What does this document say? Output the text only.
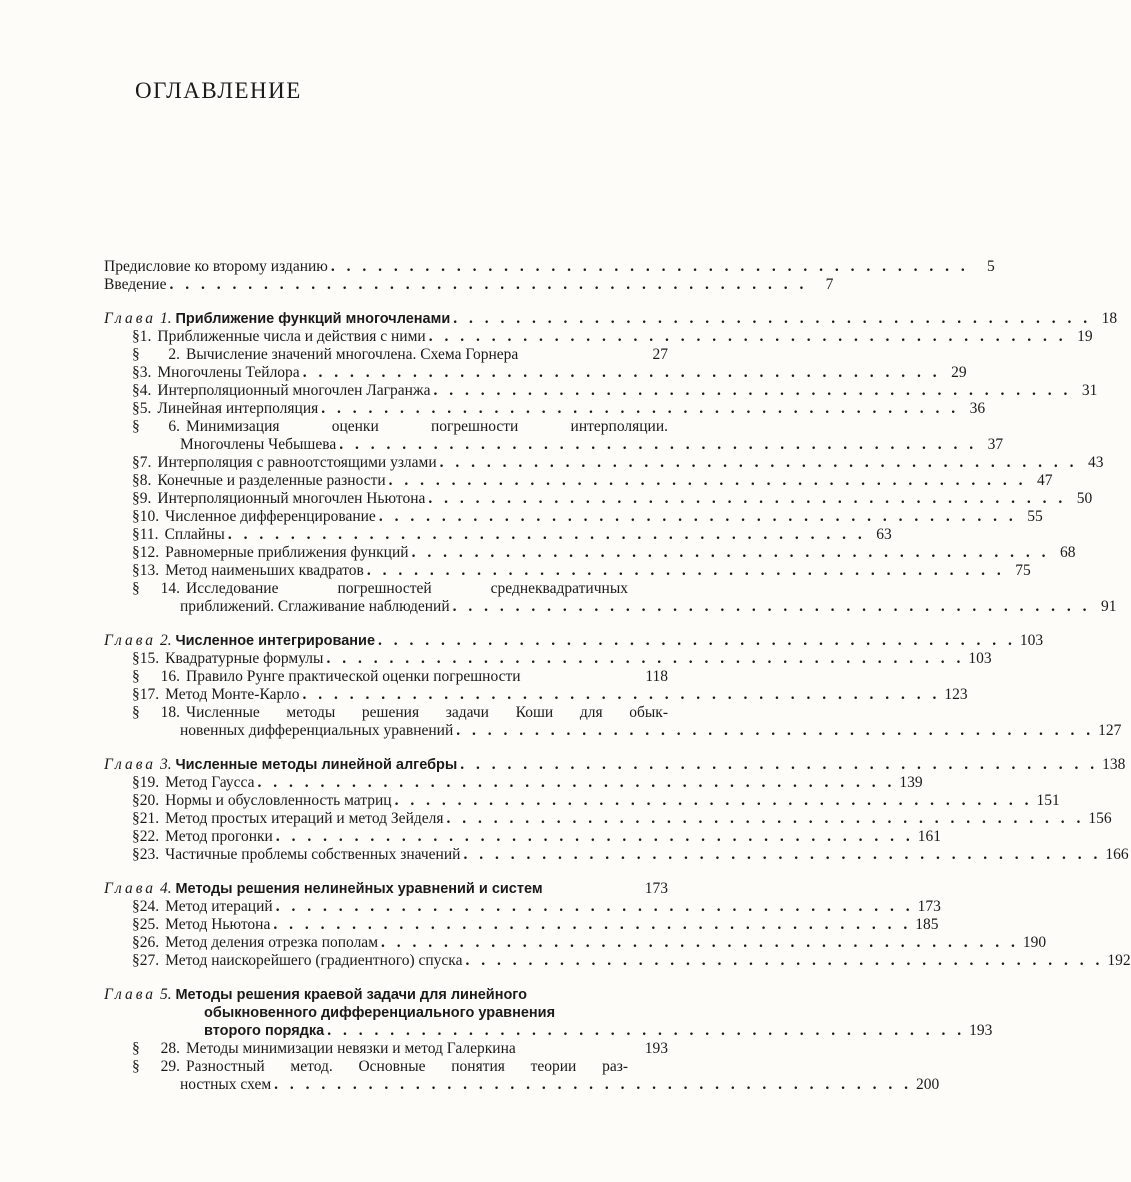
ОГЛАВЛЕНИЕ
Предисловие ко второму изданию . . . . . . . . . . . . . . . . . . . . . . . . . . . . . . . . . . . . . . . . .	5
Введение . . . . . . . . . . . . . . . . . . . . . . . . . . . . . . . . . . . . . . . . .	7
Глава 1. Приближение функций многочленами . . . . . . . . . . . . . . . . . . . . . . . . . . . . . . . . . . . . . . . . . 18
§ 1. Приближенные числа и действия с ними . . . . . . . . . . . . . . . . . . . . . . . . . . . . . . . . . . . . . . . . . 19
§	2. Вычисление значений многочлена. Схема Горнера	27
§ 3. Многочлены Тейлора . . . . . . . . . . . . . . . . . . . . . . . . . . . . . . . . . . . . . . . . . 29
§ 4. Интерполяционный многочлен Лагранжа . . . . . . . . . . . . . . . . . . . . . . . . . . . . . . . . . . . . . . . . . 31
§ 5. Линейная интерполяция . . . . . . . . . . . . . . . . . . . . . . . . . . . . . . . . . . . . . . . . . 36
§	6. Минимизация оценки погрешности интерполяции.
Многочлены Чебышева . . . . . . . . . . . . . . . . . . . . . . . . . . . . . . . . . . . . . . . . . 37
§ 7. Интерполяция с равноотстоящими узлами . . . . . . . . . . . . . . . . . . . . . . . . . . . . . . . . . . . . . . . . . 43
§ 8. Конечные и разделенные разности . . . . . . . . . . . . . . . . . . . . . . . . . . . . . . . . . . . . . . . . . 47
§ 9. Интерполяционный многочлен Ньютона . . . . . . . . . . . . . . . . . . . . . . . . . . . . . . . . . . . . . . . . . 50
§ 10. Численное дифференцирование . . . . . . . . . . . . . . . . . . . . . . . . . . . . . . . . . . . . . . . . . 55
§ 11. Сплайны . . . . . . . . . . . . . . . . . . . . . . . . . . . . . . . . . . . . . . . . . 63
§ 12. Равномерные приближения функций . . . . . . . . . . . . . . . . . . . . . . . . . . . . . . . . . . . . . . . . . 68
§ 13. Метод наименьших квадратов . . . . . . . . . . . . . . . . . . . . . . . . . . . . . . . . . . . . . . . . . 75
§	14. Исследование погрешностей среднеквадратичных
приближений. Сглаживание наблюдений . . . . . . . . . . . . . . . . . . . . . . . . . . . . . . . . . . . . . . . . . 91
Глава 2. Численное интегрирование . . . . . . . . . . . . . . . . . . . . . . . . . . . . . . . . . . . . . . . . . 103
§ 15. Квадратурные формулы . . . . . . . . . . . . . . . . . . . . . . . . . . . . . . . . . . . . . . . . . 103
§	16. Правило Рунге практической оценки погрешности	118
§ 17. Метод Монте-Карло . . . . . . . . . . . . . . . . . . . . . . . . . . . . . . . . . . . . . . . . . 123
§	18. Численные методы решения задачи Коши для обык-
новенных дифференциальных уравнений . . . . . . . . . . . . . . . . . . . . . . . . . . . . . . . . . . . . . . . . . 127
Глава 3. Численные методы линейной алгебры . . . . . . . . . . . . . . . . . . . . . . . . . . . . . . . . . . . . . . . . . 138
§ 19. Метод Гаусса . . . . . . . . . . . . . . . . . . . . . . . . . . . . . . . . . . . . . . . . . 139
§ 20. Нормы и обусловленность матриц . . . . . . . . . . . . . . . . . . . . . . . . . . . . . . . . . . . . . . . . . 151
§ 21. Метод простых итераций и метод Зейделя . . . . . . . . . . . . . . . . . . . . . . . . . . . . . . . . . . . . . . . . . 156
§ 22. Метод прогонки . . . . . . . . . . . . . . . . . . . . . . . . . . . . . . . . . . . . . . . . . 161
§ 23. Частичные проблемы собственных значений . . . . . . . . . . . . . . . . . . . . . . . . . . . . . . . . . . . . . . . . . 166
Глава 4. Методы решения нелинейных уравнений и систем	173
§ 24. Метод итераций . . . . . . . . . . . . . . . . . . . . . . . . . . . . . . . . . . . . . . . . . 173
§ 25. Метод Ньютона . . . . . . . . . . . . . . . . . . . . . . . . . . . . . . . . . . . . . . . . . 185
§ 26. Метод деления отрезка пополам . . . . . . . . . . . . . . . . . . . . . . . . . . . . . . . . . . . . . . . . . 190
§ 27. Метод наискорейшего (градиентного) спуска . . . . . . . . . . . . . . . . . . . . . . . . . . . . . . . . . . . . . . . . . 192
Глава 5. Методы решения краевой задачи для линейного
обыкновенного дифференциального уравнения
второго порядка . . . . . . . . . . . . . . . . . . . . . . . . . . . . . . . . . . . . . . . . . 193
§	28. Методы минимизации невязки и метод Галеркина	193
§	29. Разностный метод. Основные понятия теории раз-
ностных схем . . . . . . . . . . . . . . . . . . . . . . . . . . . . . . . . . . . . . . . . . 200
